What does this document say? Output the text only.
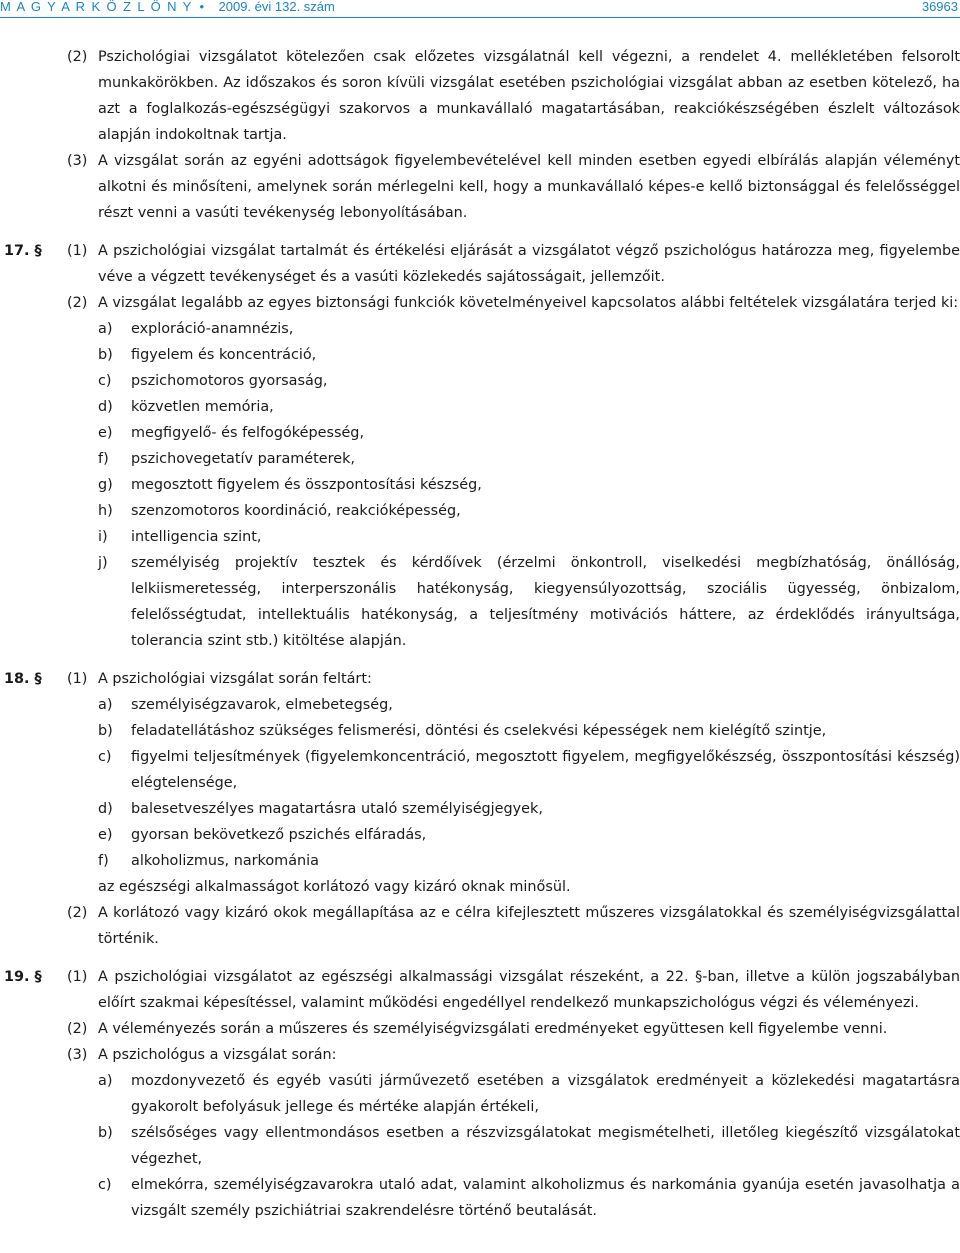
M A G Y A R K Ö Z L Ö N Y • 2009. évi 132. szám	36963
(2) Pszichológiai vizsgálatot kötelezően csak előzetes vizsgálatnál kell végezni, a rendelet 4. mellékletében felsorolt munkakörökben. Az időszakos és soron kívüli vizsgálat esetében pszichológiai vizsgálat abban az esetben kötelező, ha azt a foglalkozás-egészségügyi szakorvos a munkavállaló magatartásában, reakciókészségében észlelt változások alapján indokoltnak tartja.
(3) A vizsgálat során az egyéni adottságok figyelembevételével kell minden esetben egyedi elbírálás alapján véleményt alkotni és minősíteni, amelynek során mérlegelni kell, hogy a munkavállaló képes-e kellő biztonsággal és felelősséggel részt venni a vasúti tevékenység lebonyolításában.
17. § (1) A pszichológiai vizsgálat tartalmát és értékelési eljárását a vizsgálatot végző pszichológus határozza meg, figyelembe véve a végzett tevékenységet és a vasúti közlekedés sajátosságait, jellemzőit.
(2) A vizsgálat legalább az egyes biztonsági funkciók követelményeivel kapcsolatos alábbi feltételek vizsgálatára terjed ki:
a) exploráció-anamnézis,
b) figyelem és koncentráció,
c) pszichomotoros gyorsaság,
d) közvetlen memória,
e) megfigyelő- és felfogóképesség,
f) pszichovegetatív paraméterek,
g) megosztott figyelem és összpontosítási készség,
h) szenzomotoros koordináció, reakcióképesség,
i) intelligencia szint,
j) személyiség projektív tesztek és kérdőívek (érzelmi önkontroll, viselkedési megbízhatóság, önállóság, lelkiismeretesség, interperszonális hatékonyság, kiegyensúlyozottság, szociális ügyesség, önbizalom, felelősségtudat, intellektuális hatékonyság, a teljesítmény motivációs háttere, az érdeklődés irányultsága, tolerancia szint stb.) kitöltése alapján.
18. § (1) A pszichológiai vizsgálat során feltárt:
a) személyiségzavarok, elmebetegség,
b) feladatellátáshoz szükséges felismerési, döntési és cselekvési képességek nem kielégítő szintje,
c) figyelmi teljesítmények (figyelemkoncentráció, megosztott figyelem, megfigyelőkészség, összpontosítási készség) elégtelensége,
d) balesetveszélyes magatartásra utaló személyiségjegyek,
e) gyorsan bekövetkező pszichés elfáradás,
f) alkoholizmus, narkománia
az egészségi alkalmasságot korlátozó vagy kizáró oknak minősül.
(2) A korlátozó vagy kizáró okok megállapítása az e célra kifejlesztett műszeres vizsgálatokkal és személyiségvizsgálattal történik.
19. § (1) A pszichológiai vizsgálatot az egészségi alkalmassági vizsgálat részeként, a 22. §-ban, illetve a külön jogszabályban előírt szakmai képesítéssel, valamint működési engedéllyel rendelkező munkapszichológus végzi és véleményezi.
(2) A véleményezés során a műszeres és személyiségvizsgálati eredményeket együttesen kell figyelembe venni.
(3) A pszichológus a vizsgálat során:
a) mozdonyvezető és egyéb vasúti járművezető esetében a vizsgálatok eredményeit a közlekedési magatartásra gyakorolt befolyásuk jellege és mértéke alapján értékeli,
b) szélsőséges vagy ellentmondásos esetben a részvizsgálatokat megismételheti, illetőleg kiegészítő vizsgálatokat végezhet,
c) elmekórra, személyiségzavarokra utaló adat, valamint alkoholizmus és narkománia gyanúja esetén javasolhatja a vizsgált személy pszichiátriai szakrendelésre történő beutalását.
